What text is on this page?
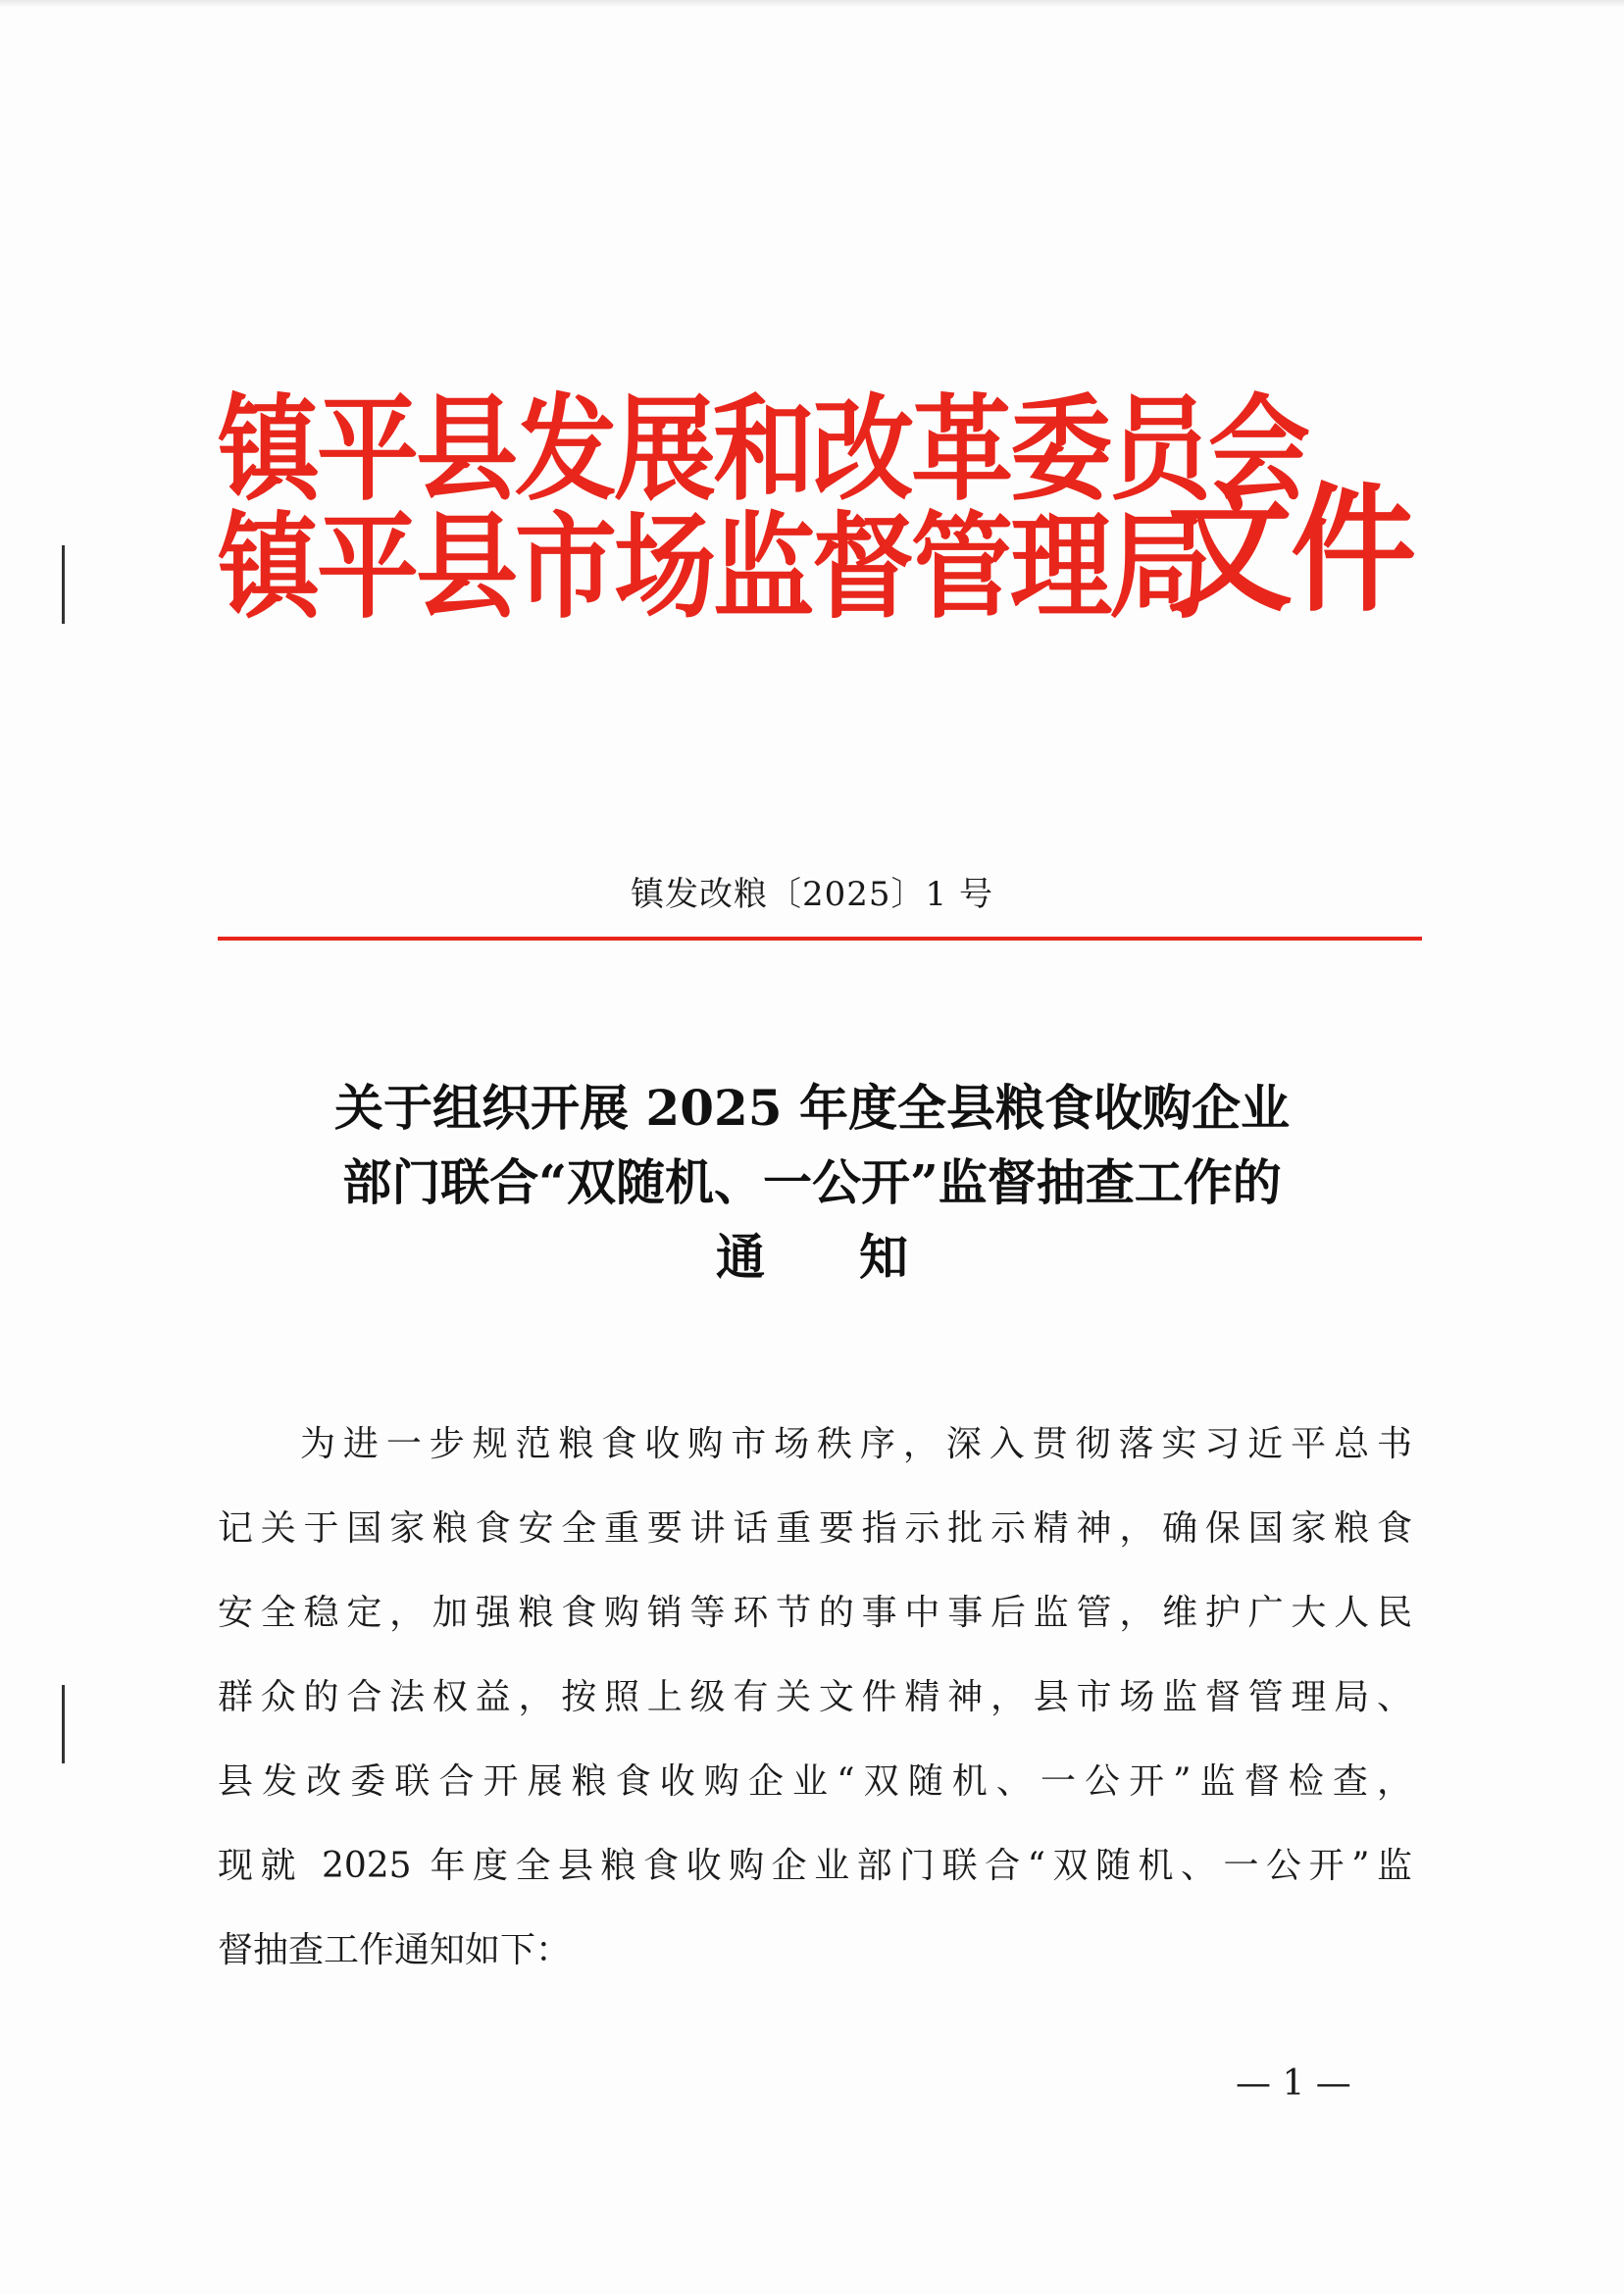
镇平县发展和改革委员会
镇平县市场监督管理局
文件
镇发改粮〔2025〕1 号
关于组织开展 2025 年度全县粮食收购企业
部门联合“双随机、一公开”监督抽查工作的
通知
为进一步规范粮食收购市场秩序，深入贯彻落实习近平总书
记关于国家粮食安全重要讲话重要指示批示精神，确保国家粮食
安全稳定，加强粮食购销等环节的事中事后监管，维护广大人民
群众的合法权益，按照上级有关文件精神，县市场监督管理局、
县发改委联合开展粮食收购企业“双随机、一公开”监督检查，
现就 2025 年度全县粮食收购企业部门联合“双随机、一公开”监
督抽查工作通知如下：
— 1 —
